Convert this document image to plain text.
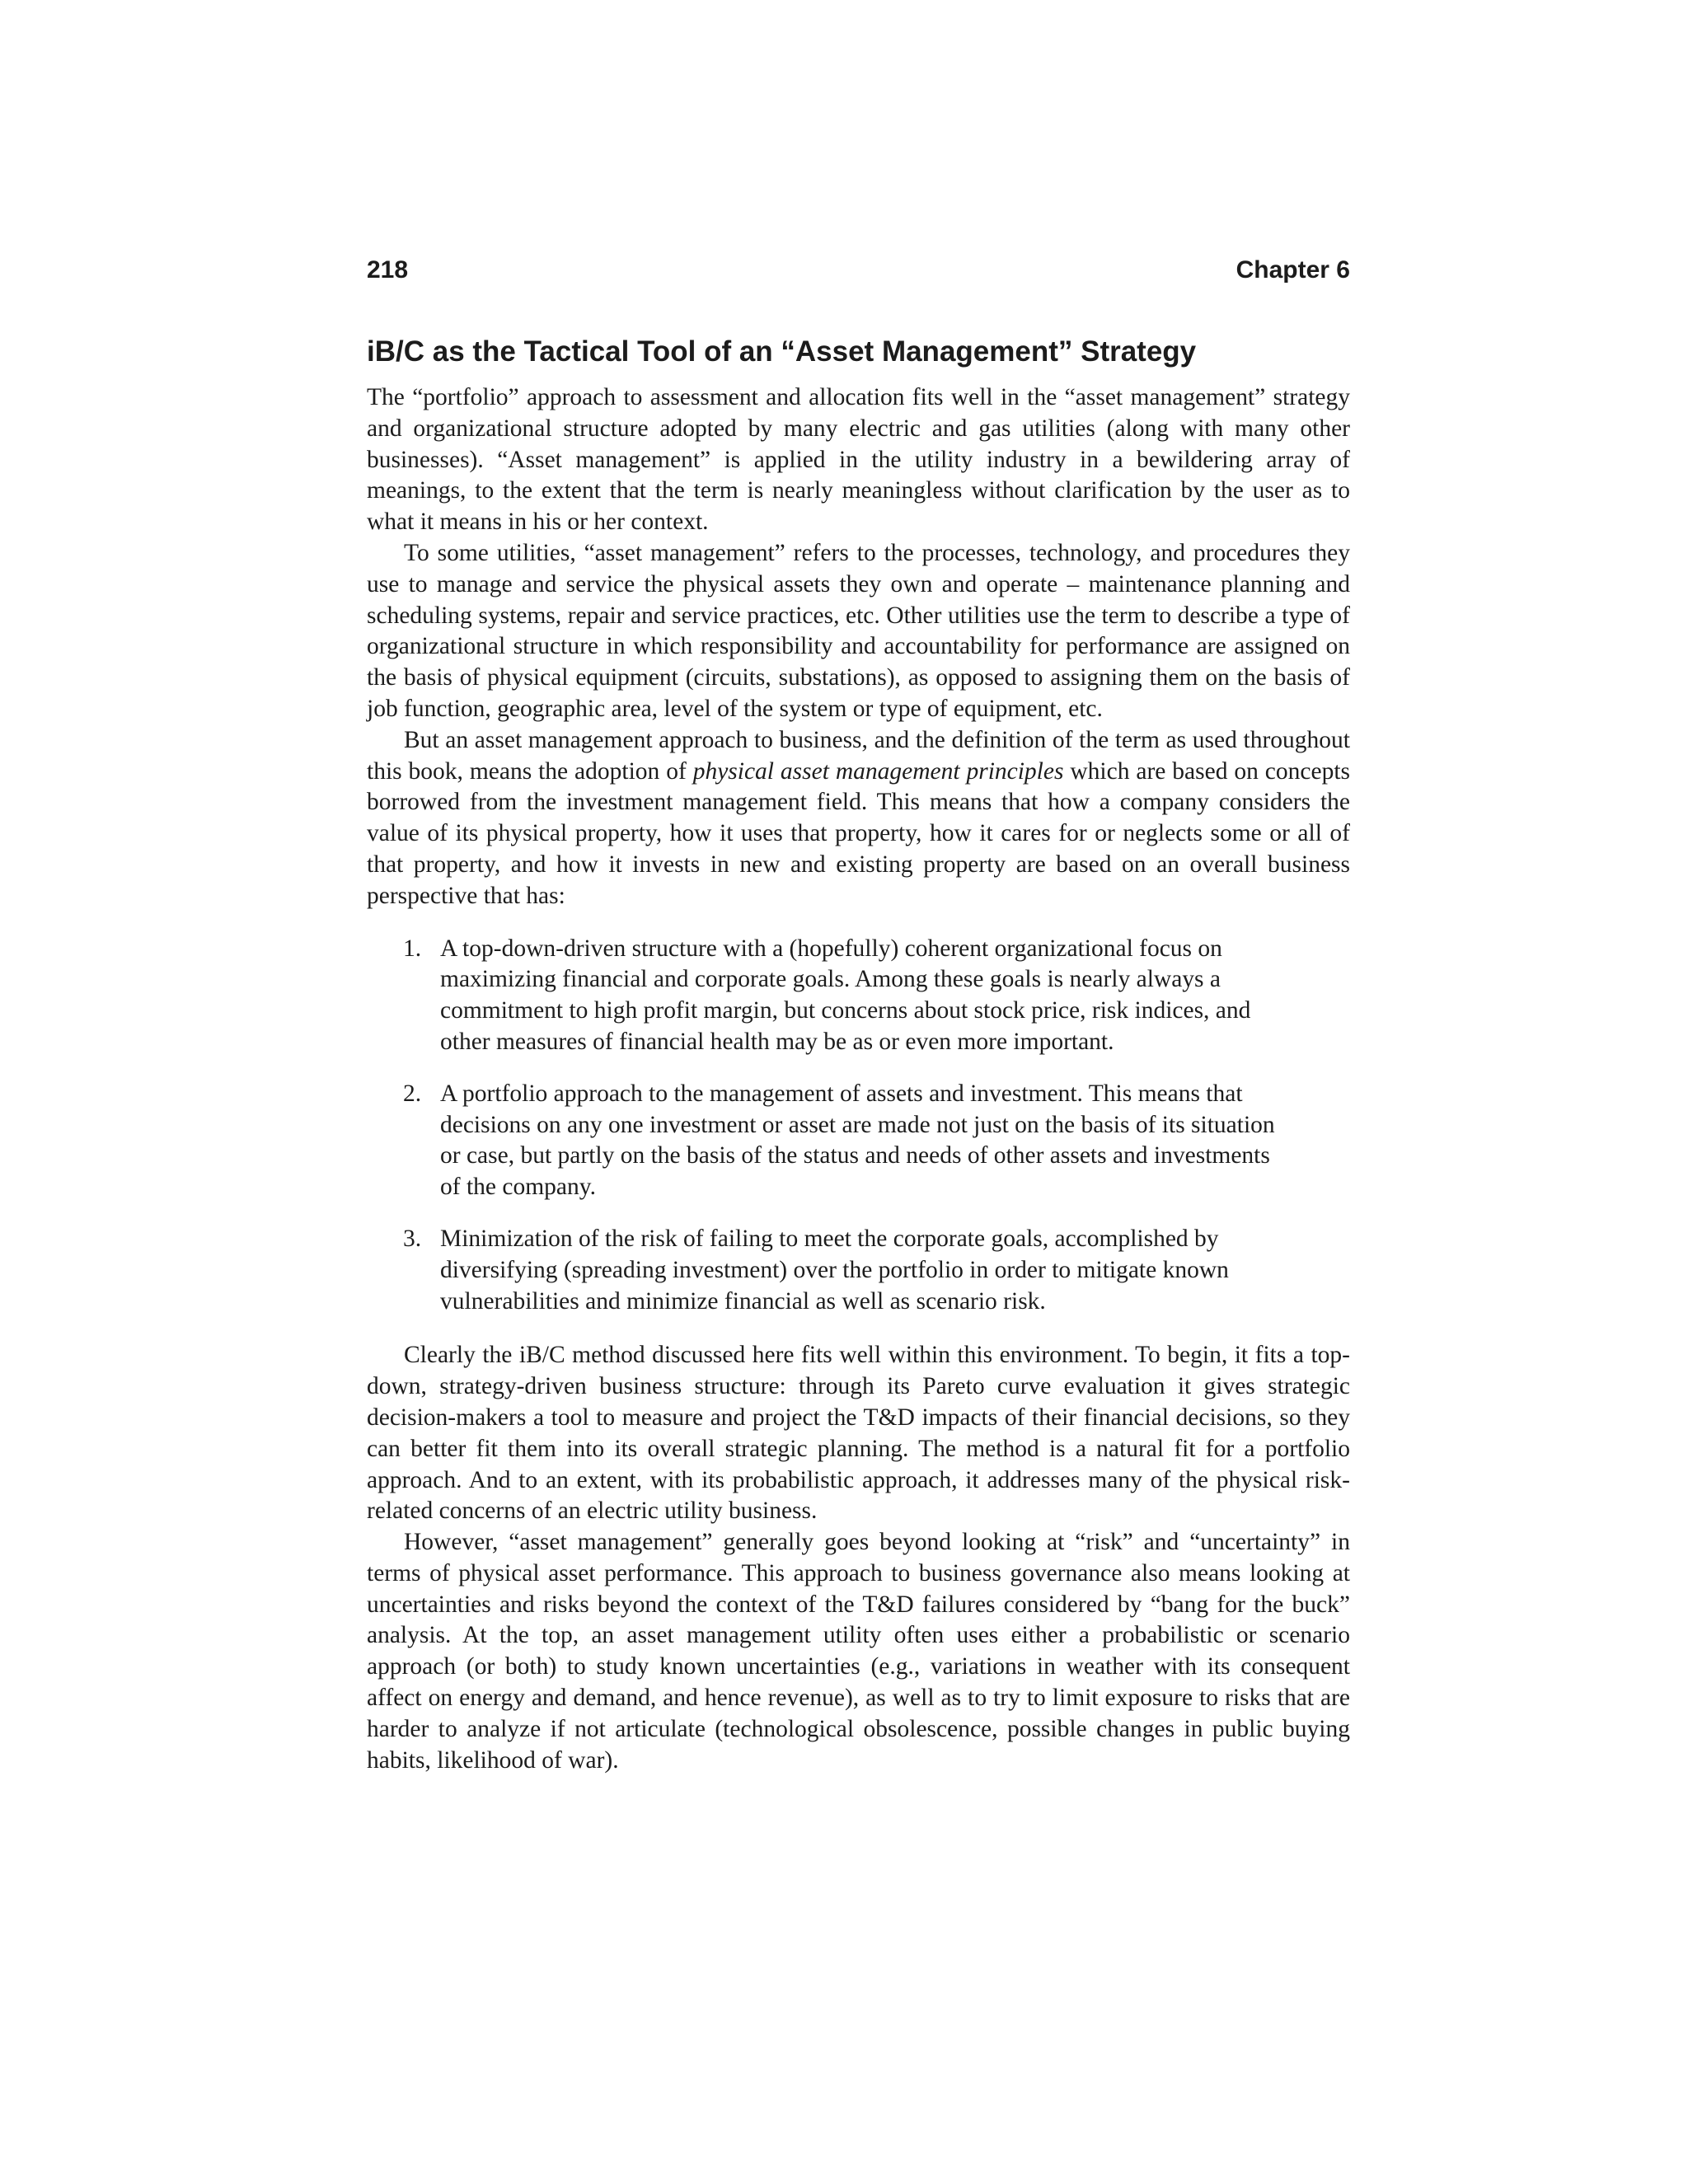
218	Chapter 6
iB/C as the Tactical Tool of an “Asset Management” Strategy

The “portfolio” approach to assessment and allocation fits well in the “asset management” strategy and organizational structure adopted by many electric and gas utilities (along with many other businesses). “Asset management” is applied in the utility industry in a bewildering array of meanings, to the extent that the term is nearly meaningless without clarification by the user as to what it means in his or her context.

To some utilities, “asset management” refers to the processes, technology, and procedures they use to manage and service the physical assets they own and operate – maintenance planning and scheduling systems, repair and service practices, etc. Other utilities use the term to describe a type of organizational structure in which responsibility and accountability for performance are assigned on the basis of physical equipment (circuits, substations), as opposed to assigning them on the basis of job function, geographic area, level of the system or type of equipment, etc.

But an asset management approach to business, and the definition of the term as used throughout this book, means the adoption of physical asset management principles which are based on concepts borrowed from the investment management field. This means that how a company considers the value of its physical property, how it uses that property, how it cares for or neglects some or all of that property, and how it invests in new and existing property are based on an overall business perspective that has:

1. A top-down-driven structure with a (hopefully) coherent organizational focus on maximizing financial and corporate goals. Among these goals is nearly always a commitment to high profit margin, but concerns about stock price, risk indices, and other measures of financial health may be as or even more important.
2. A portfolio approach to the management of assets and investment. This means that decisions on any one investment or asset are made not just on the basis of its situation or case, but partly on the basis of the status and needs of other assets and investments of the company.
3. Minimization of the risk of failing to meet the corporate goals, accomplished by diversifying (spreading investment) over the portfolio in order to mitigate known vulnerabilities and minimize financial as well as scenario risk.

Clearly the iB/C method discussed here fits well within this environment. To begin, it fits a top-down, strategy-driven business structure: through its Pareto curve evaluation it gives strategic decision-makers a tool to measure and project the T&D impacts of their financial decisions, so they can better fit them into its overall strategic planning. The method is a natural fit for a portfolio approach. And to an extent, with its probabilistic approach, it addresses many of the physical risk-related concerns of an electric utility business.

However, “asset management” generally goes beyond looking at “risk” and “uncertainty” in terms of physical asset performance. This approach to business governance also means looking at uncertainties and risks beyond the context of the T&D failures considered by “bang for the buck” analysis. At the top, an asset management utility often uses either a probabilistic or scenario approach (or both) to study known uncertainties (e.g., variations in weather with its consequent affect on energy and demand, and hence revenue), as well as to try to limit exposure to risks that are harder to analyze if not articulate (technological obsolescence, possible changes in public buying habits, likelihood of war).
